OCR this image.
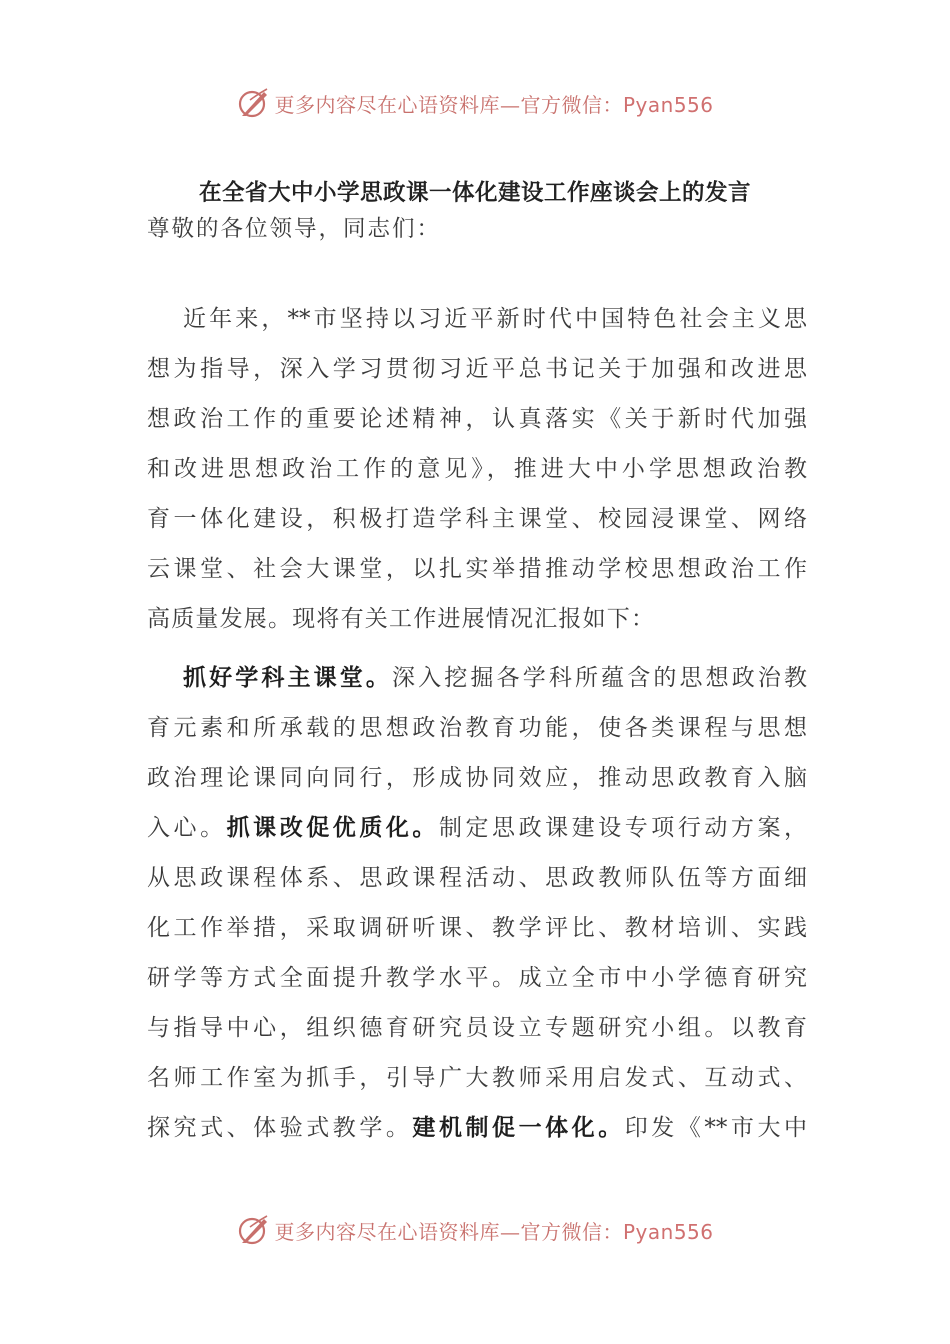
更多内容尽在心语资料库—官方微信：Pyan556
在全省大中小学思政课一体化建设工作座谈会上的发言
尊敬的各位领导，同志们：
近年来，**市坚持以习近平新时代中国特色社会主义思
想为指导，深入学习贯彻习近平总书记关于加强和改进思
想政治工作的重要论述精神，认真落实《关于新时代加强
和改进思想政治工作的意见》，推进大中小学思想政治教
育一体化建设，积极打造学科主课堂、校园浸课堂、网络
云课堂、社会大课堂，以扎实举措推动学校思想政治工作
高质量发展。现将有关工作进展情况汇报如下：
抓好学科主课堂。深入挖掘各学科所蕴含的思想政治教
育元素和所承载的思想政治教育功能，使各类课程与思想
政治理论课同向同行，形成协同效应，推动思政教育入脑
入心。抓课改促优质化。制定思政课建设专项行动方案，
从思政课程体系、思政课程活动、思政教师队伍等方面细
化工作举措，采取调研听课、教学评比、教材培训、实践
研学等方式全面提升教学水平。成立全市中小学德育研究
与指导中心，组织德育研究员设立专题研究小组。以教育
名师工作室为抓手，引导广大教师采用启发式、互动式、
探究式、体验式教学。建机制促一体化。印发《**市大中
更多内容尽在心语资料库—官方微信：Pyan556
